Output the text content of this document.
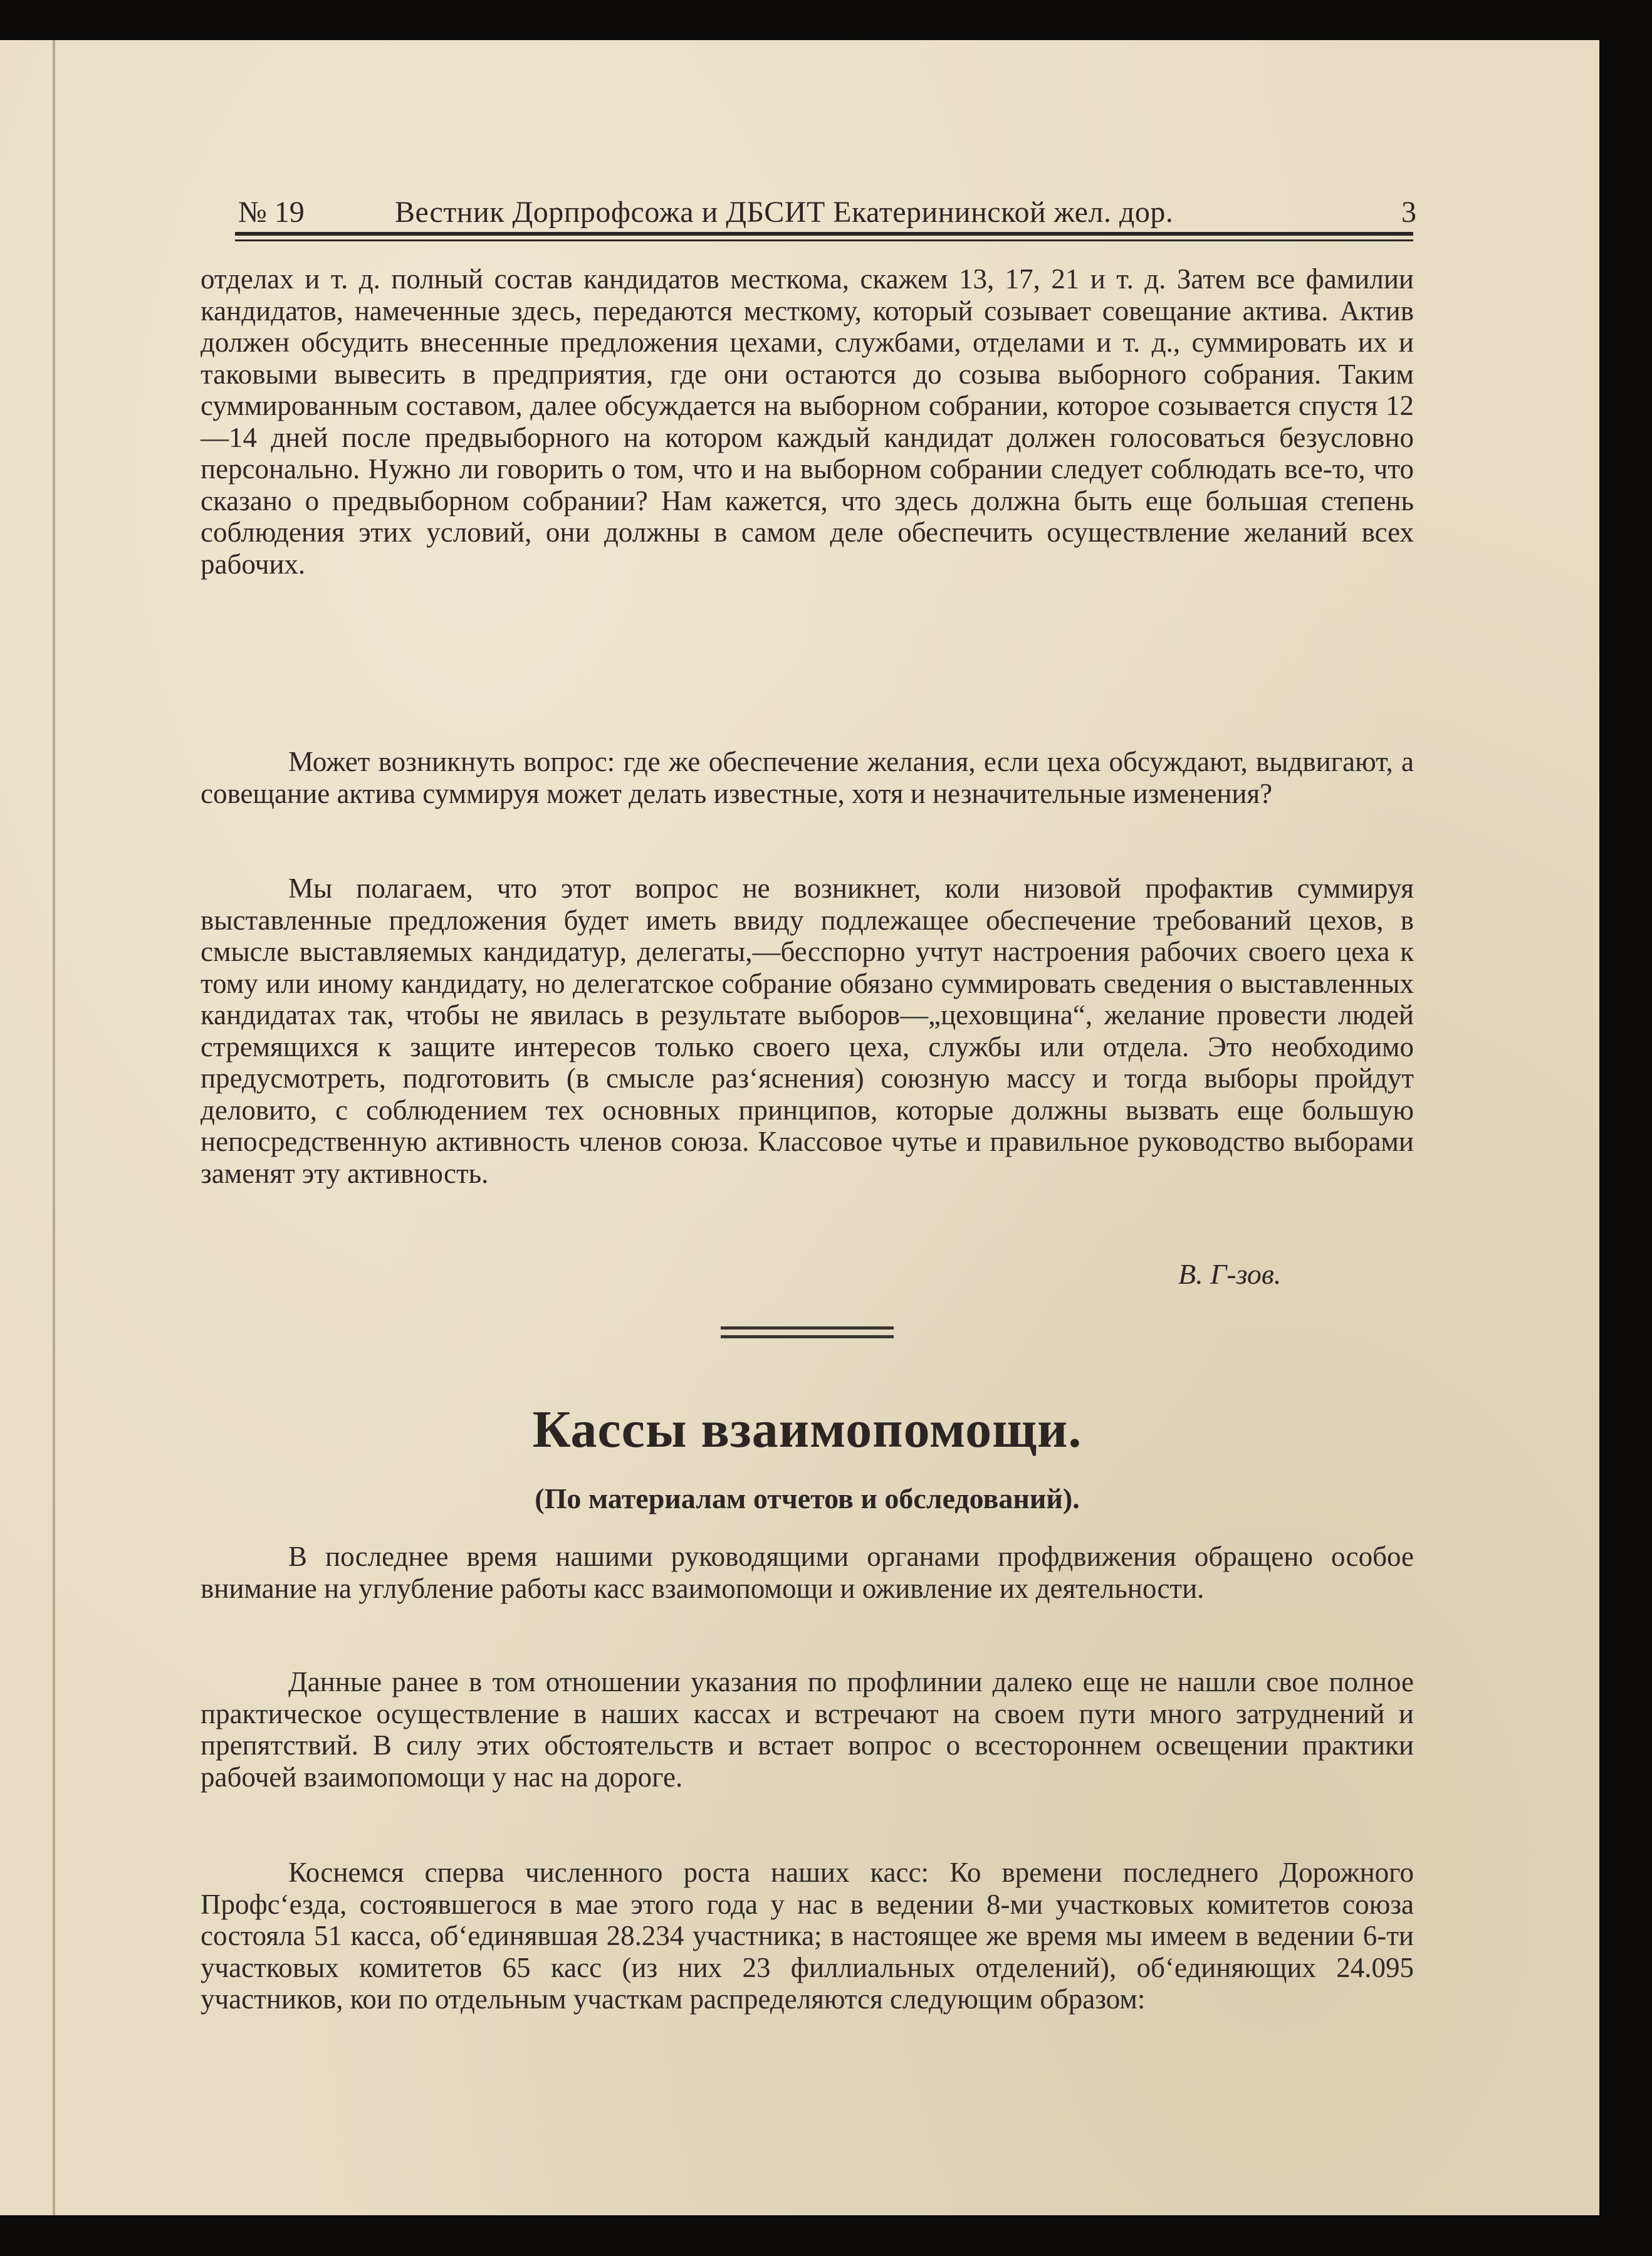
№ 19	Вестник Дорпрофсожа и ДБСИТ Екатерининской жел. дор.	3

отделах и т. д. полный состав кандидатов месткома, скажем 13, 17, 21 и т. д. Затем все фамилии кандидатов, намеченные здесь, передаются месткому, который созывает совещание актива. Актив должен обсудить внесенные предложения цехами, службами, отделами и т. д., суммировать их и таковыми вывесить в предприятия, где они остаются до созыва выборного собрания. Таким суммированным составом, далее обсуждается на выборном собрании, которое созывается спустя 12—14 дней после предвыборного на котором каждый кандидат должен голосоваться безусловно персонально. Нужно ли говорить о том, что и на выборном собрании следует соблюдать все-то, что сказано о предвыборном собрании? Нам кажется, что здесь должна быть еще большая степень соблюдения этих условий, они должны в самом деле обеспечить осуществление желаний всех рабочих.

Может возникнуть вопрос: где же обеспечение желания, если цеха обсуждают, выдвигают, а совещание актива суммируя может делать известные, хотя и незначительные изменения?

Мы полагаем, что этот вопрос не возникнет, коли низовой профактив суммируя выставленные предложения будет иметь ввиду подлежащее обеспечение требований цехов, в смысле выставляемых кандидатур, делегаты,—бесспорно учтут настроения рабочих своего цеха к тому или иному кандидату, но делегатское собрание обязано суммировать сведения о выставленных кандидатах так, чтобы не явилась в результате выборов—„цеховщина“, желание провести людей стремящихся к защите интересов только своего цеха, службы или отдела. Это необходимо предусмотреть, подготовить (в смысле раз‘яснения) союзную массу и тогда выборы пройдут деловито, с соблюдением тех основных принципов, которые должны вызвать еще большую непосредственную активность членов союза. Классовое чутье и правильное руководство выборами заменят эту активность.

В. Г-зов.
Кассы взаимопомощи.
(По материалам отчетов и обследований).

В последнее время нашими руководящими органами профдвижения обращено особое внимание на углубление работы касс взаимопомощи и оживление их деятельности.

Данные ранее в том отношении указания по профлинии далеко еще не нашли свое полное практическое осуществление в наших кассах и встречают на своем пути много затруднений и препятствий. В силу этих обстоятельств и встает вопрос о всестороннем освещении практики рабочей взаимопомощи у нас на дороге.

Коснемся сперва численного роста наших касс: Ко времени последнего Дорожного Профс‘езда, состоявшегося в мае этого года у нас в ведении 8-ми участковых комитетов союза состояла 51 касса, об‘единявшая 28.234 участника; в настоящее же время мы имеем в ведении 6-ти участковых комитетов 65 касс (из них 23 филлиальных отделений), об‘единяющих 24.095 участников, кои по отдельным участкам распределяются следующим образом:
